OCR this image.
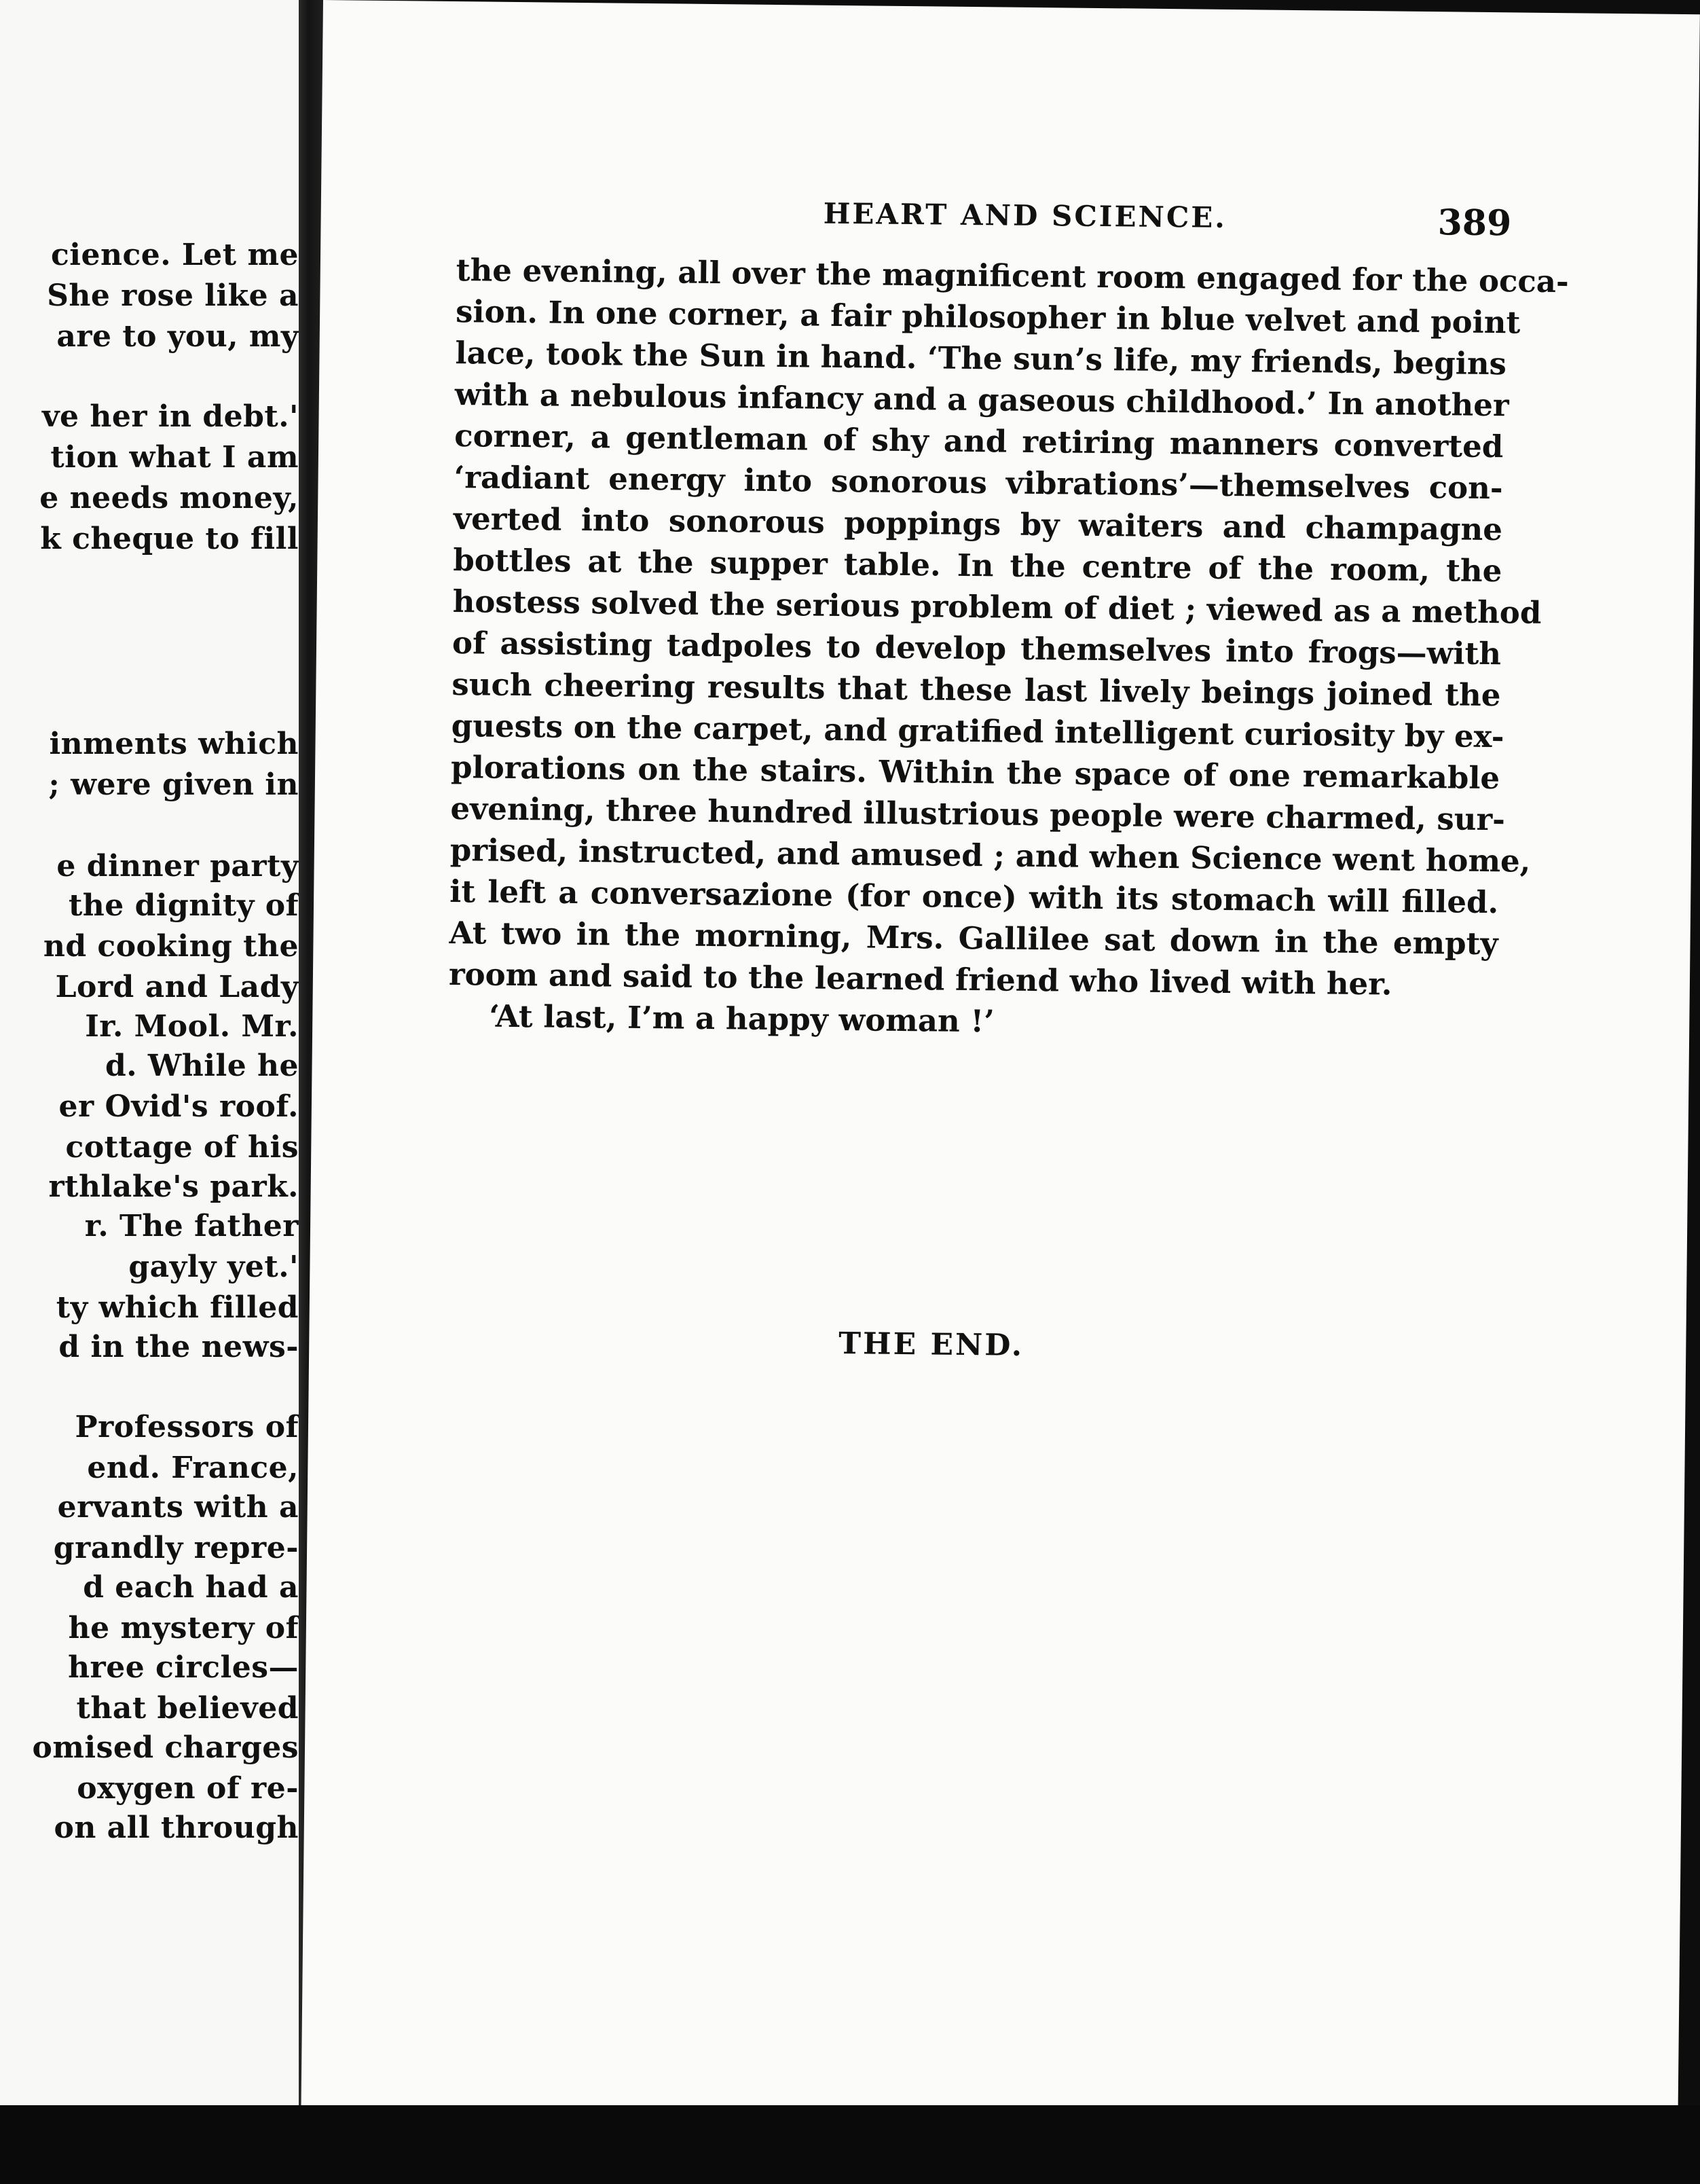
cience. Let me
She rose like a
are to you, my
ve her in debt.'
tion what I am
e needs money,
k cheque to fill
inments which
; were given in
e dinner party
the dignity of
nd cooking the
Lord and Lady
Ir. Mool. Mr.
d. While he
er Ovid's roof.
cottage of his
rthlake's park.
r. The father
gayly yet.'
ty which filled
d in the news-
Professors of
end. France,
ervants with a
grandly repre-
d each had a
he mystery of
hree circles—
that believed
omised charges
oxygen of re-
on all through
HEART AND SCIENCE.	389
the evening, all over the magnificent room engaged for the occa-
sion. In one corner, a fair philosopher in blue velvet and point
lace, took the Sun in hand. ‘The sun’s life, my friends, begins
with a nebulous infancy and a gaseous childhood.’ In another
corner, a gentleman of shy and retiring manners converted
‘radiant energy into sonorous vibrations’—themselves con-
verted into sonorous poppings by waiters and champagne
bottles at the supper table. In the centre of the room, the
hostess solved the serious problem of diet ; viewed as a method
of assisting tadpoles to develop themselves into frogs—with
such cheering results that these last lively beings joined the
guests on the carpet, and gratified intelligent curiosity by ex-
plorations on the stairs. Within the space of one remarkable
evening, three hundred illustrious people were charmed, sur-
prised, instructed, and amused ; and when Science went home,
it left a conversazione (for once) with its stomach will filled.
At two in the morning, Mrs. Gallilee sat down in the empty
room and said to the learned friend who lived with her.
‘At last, I’m a happy woman !’
THE END.
